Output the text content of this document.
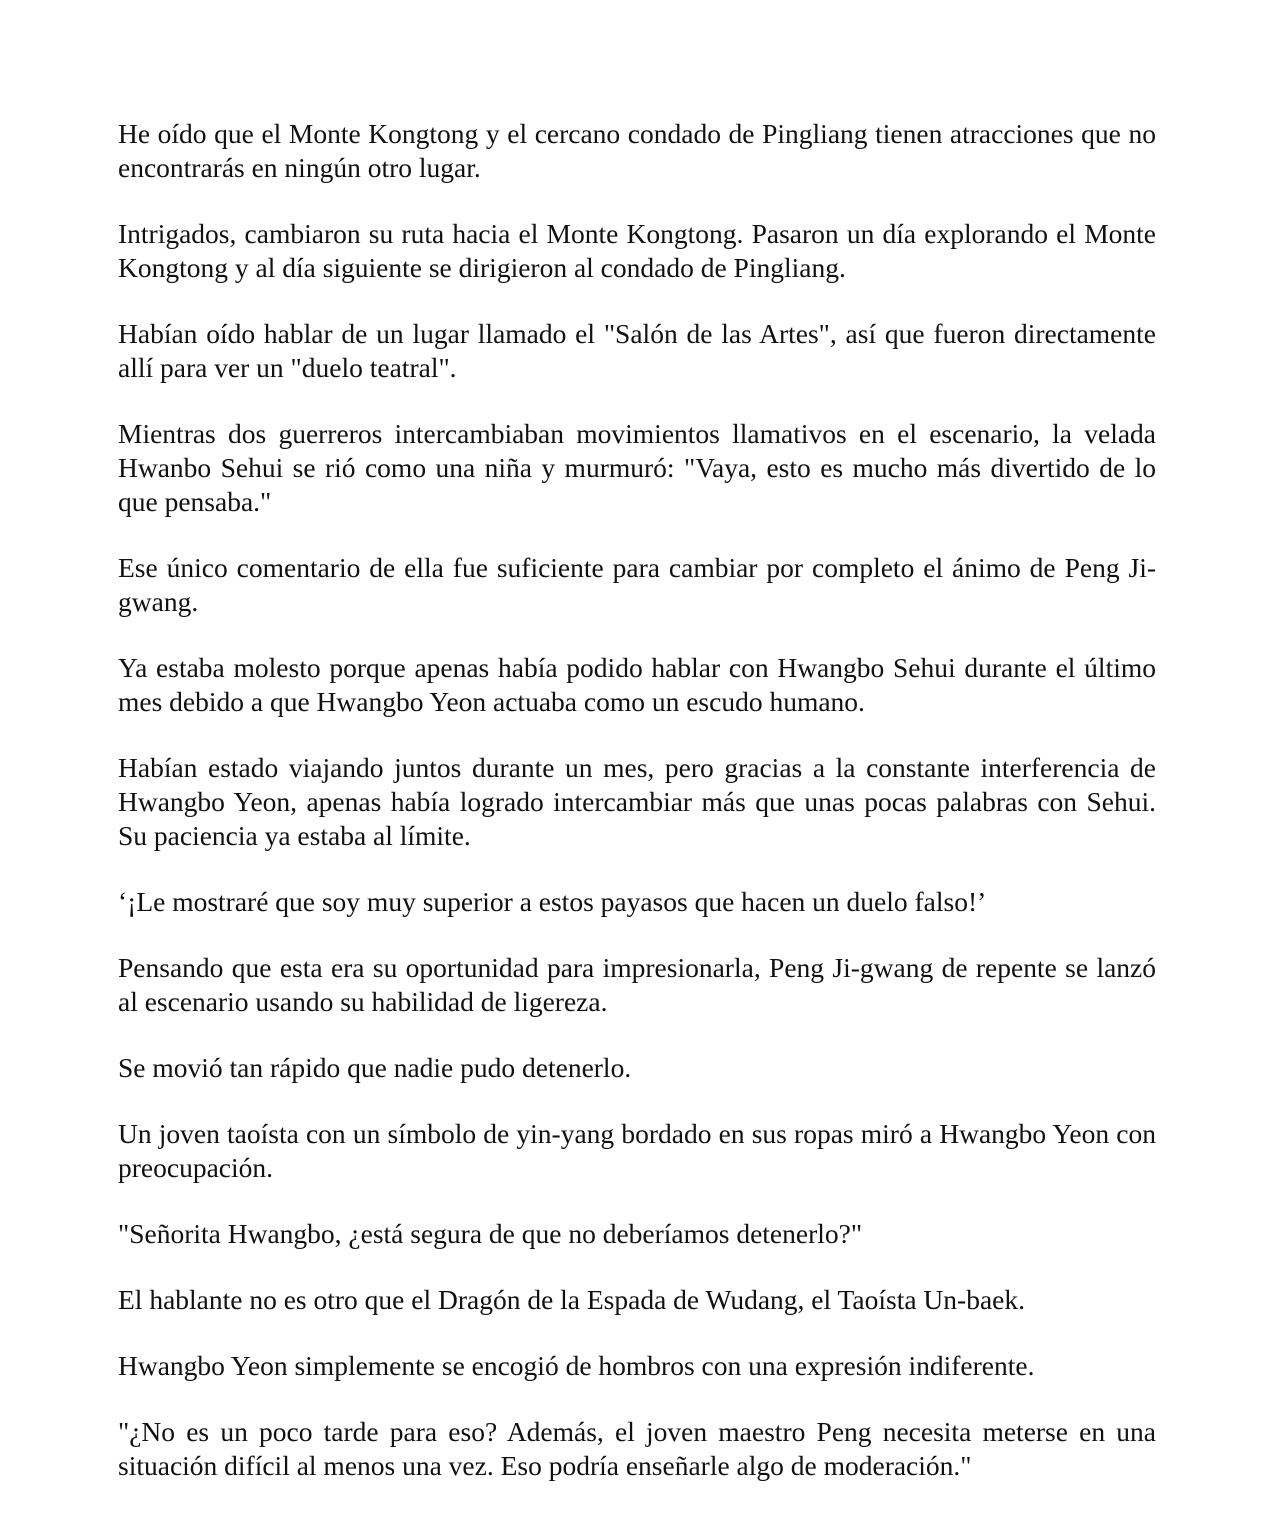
He oído que el Monte Kongtong y el cercano condado de Pingliang tienen atracciones que no encontrarás en ningún otro lugar.

Intrigados, cambiaron su ruta hacia el Monte Kongtong. Pasaron un día explorando el Monte Kongtong y al día siguiente se dirigieron al condado de Pingliang.

Habían oído hablar de un lugar llamado el "Salón de las Artes", así que fueron directamente allí para ver un "duelo teatral".

Mientras dos guerreros intercambiaban movimientos llamativos en el escenario, la velada Hwanbo Sehui se rió como una niña y murmuró: "Vaya, esto es mucho más divertido de lo que pensaba."

Ese único comentario de ella fue suficiente para cambiar por completo el ánimo de Peng Ji-gwang.

Ya estaba molesto porque apenas había podido hablar con Hwangbo Sehui durante el último mes debido a que Hwangbo Yeon actuaba como un escudo humano.

Habían estado viajando juntos durante un mes, pero gracias a la constante interferencia de Hwangbo Yeon, apenas había logrado intercambiar más que unas pocas palabras con Sehui. Su paciencia ya estaba al límite.

‘¡Le mostraré que soy muy superior a estos payasos que hacen un duelo falso!’

Pensando que esta era su oportunidad para impresionarla, Peng Ji-gwang de repente se lanzó al escenario usando su habilidad de ligereza.

Se movió tan rápido que nadie pudo detenerlo.

Un joven taoísta con un símbolo de yin-yang bordado en sus ropas miró a Hwangbo Yeon con preocupación.

"Señorita Hwangbo, ¿está segura de que no deberíamos detenerlo?"

El hablante no es otro que el Dragón de la Espada de Wudang, el Taoísta Un-baek.

Hwangbo Yeon simplemente se encogió de hombros con una expresión indiferente.

"¿No es un poco tarde para eso? Además, el joven maestro Peng necesita meterse en una situación difícil al menos una vez. Eso podría enseñarle algo de moderación."
